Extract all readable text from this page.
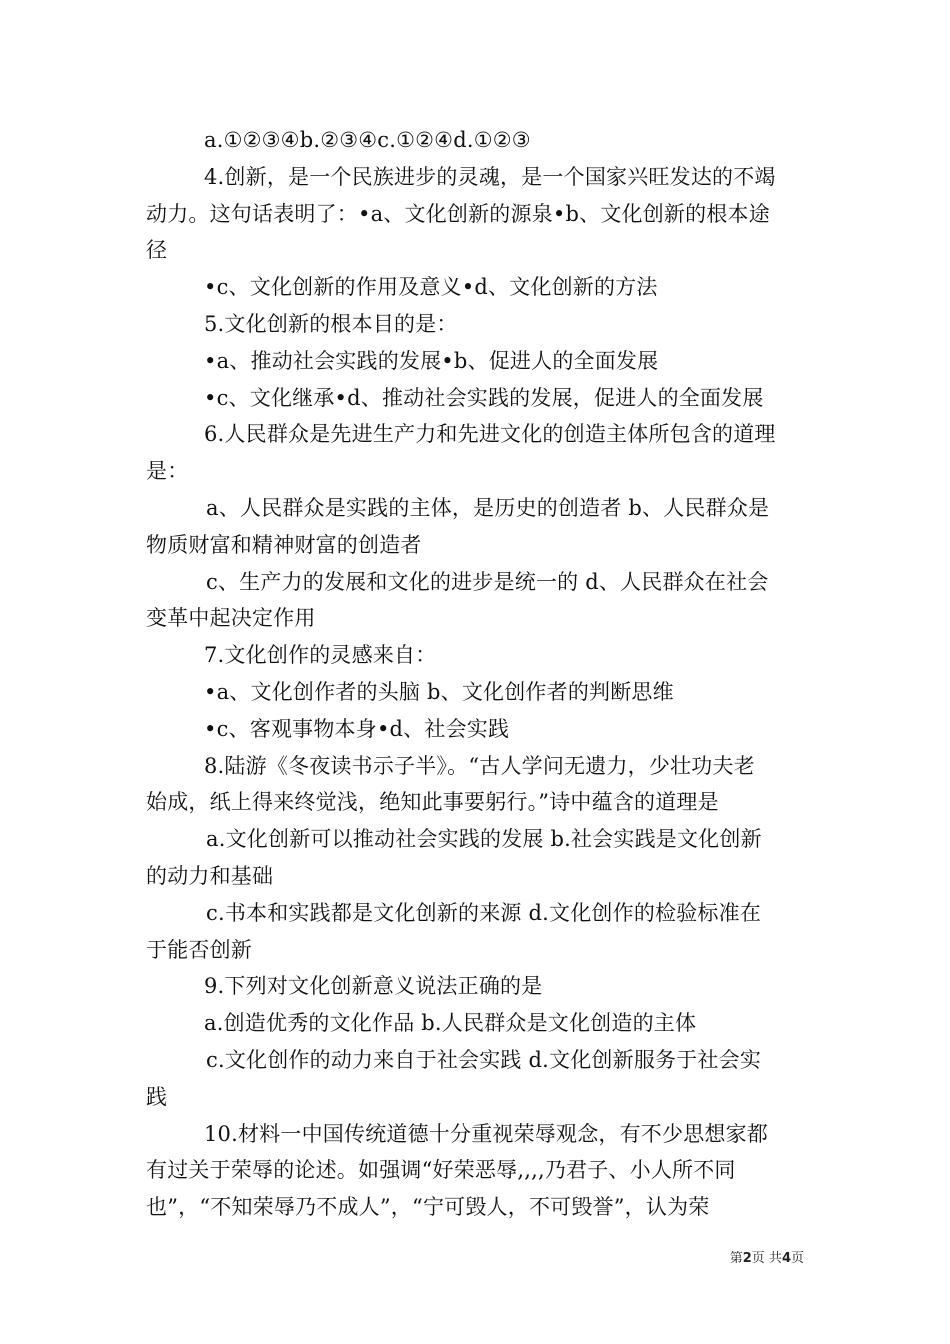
a.①②③④b.②③④c.①②④d.①②③
4.创新，是一个民族进步的灵魂，是一个国家兴旺发达的不竭
动力。这句话表明了：•a、文化创新的源泉•b、文化创新的根本途
径
•c、文化创新的作用及意义•d、文化创新的方法
5.文化创新的根本目的是：
•a、推动社会实践的发展•b、促进人的全面发展
•c、文化继承•d、推动社会实践的发展，促进人的全面发展
6.人民群众是先进生产力和先进文化的创造主体所包含的道理
是：
a、人民群众是实践的主体，是历史的创造者 b、人民群众是
物质财富和精神财富的创造者
c、生产力的发展和文化的进步是统一的 d、人民群众在社会
变革中起决定作用
7.文化创作的灵感来自：
•a、文化创作者的头脑 b、文化创作者的判断思维
•c、客观事物本身•d、社会实践
8.陆游《冬夜读书示子半》。“古人学问无遗力，少壮功夫老
始成，纸上得来终觉浅，绝知此事要躬行。”诗中蕴含的道理是
a.文化创新可以推动社会实践的发展 b.社会实践是文化创新
的动力和基础
c.书本和实践都是文化创新的来源 d.文化创作的检验标准在
于能否创新
9.下列对文化创新意义说法正确的是
a.创造优秀的文化作品 b.人民群众是文化创造的主体
c.文化创作的动力来自于社会实践 d.文化创新服务于社会实
践
10.材料一中国传统道德十分重视荣辱观念，有不少思想家都
有过关于荣辱的论述。如强调“好荣恶辱,,,,乃君子、小人所不同
也”，“不知荣辱乃不成人”，“宁可毁人，不可毁誉”，认为荣
第2页 共4页
